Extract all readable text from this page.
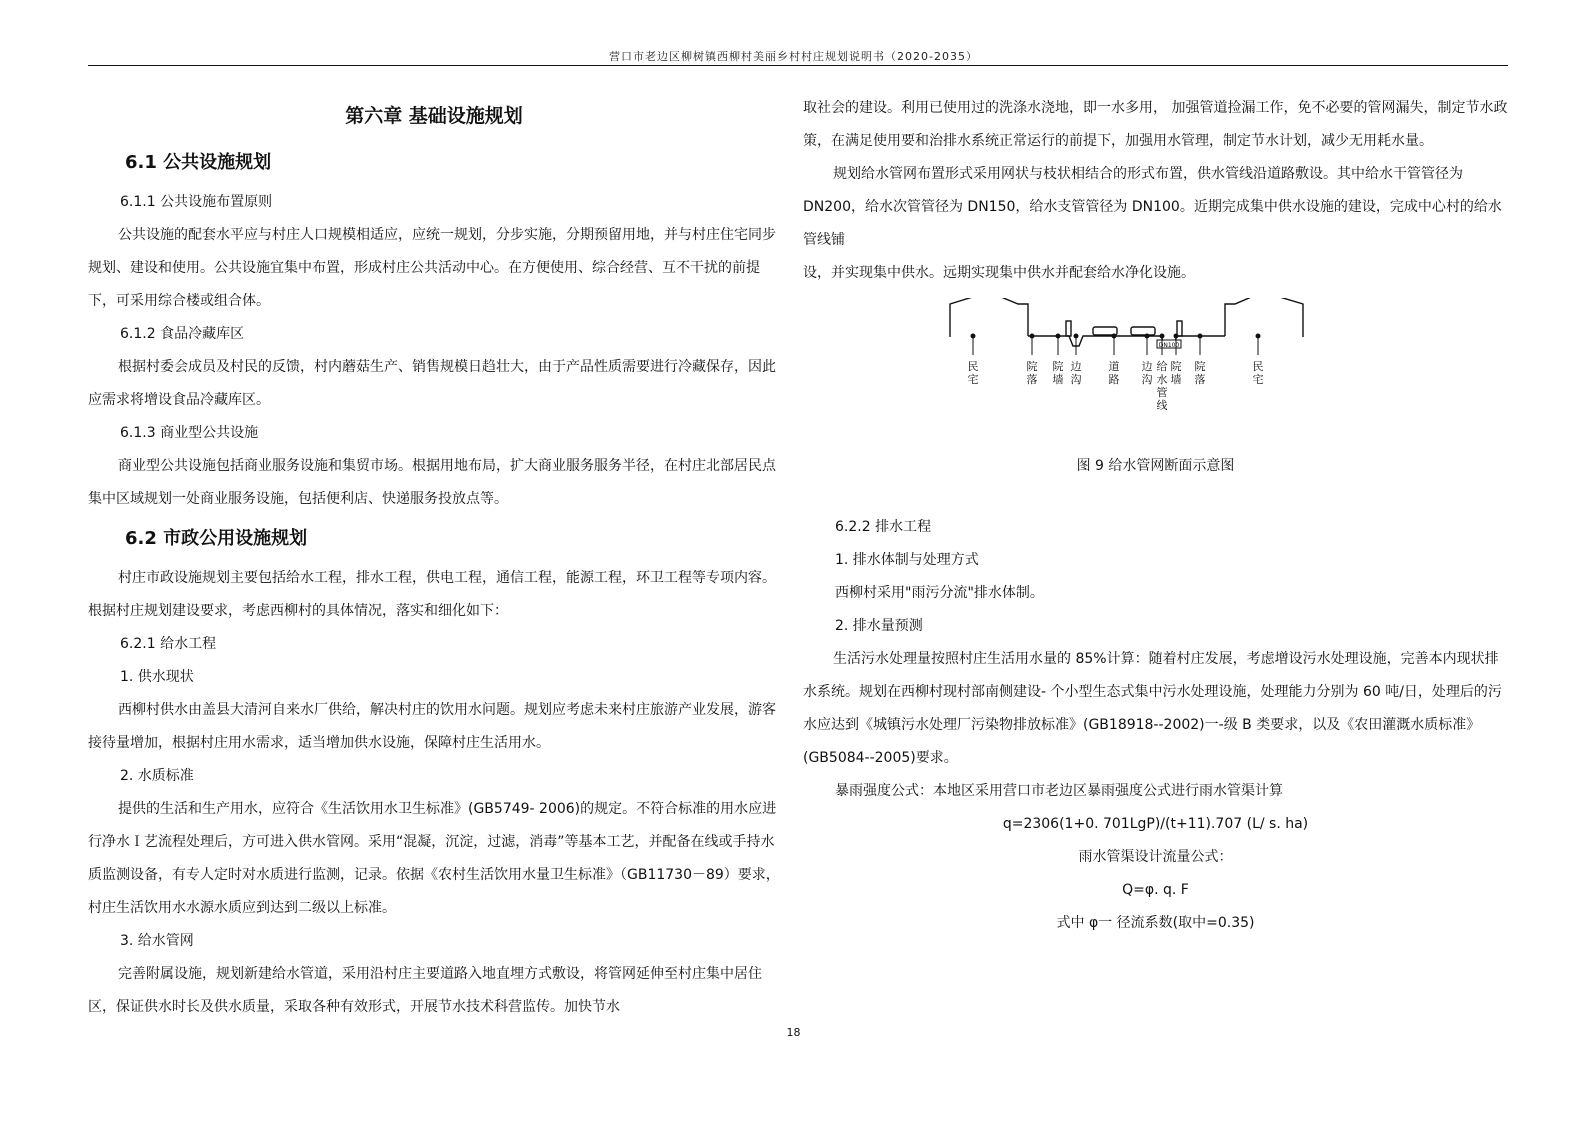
营口市老边区柳树镇西柳村美丽乡村村庄规划说明书（2020-2035）

第六章 基础设施规划

6.1 公共设施规划

6.1.1 公共设施布置原则

公共设施的配套水平应与村庄人口规模相适应，应统一规划，分步实施，分期预留用地，并与村庄住宅同步规划、建设和使用。公共设施宜集中布置，形成村庄公共活动中心。在方便使用、综合经营、互不干扰的前提下，可采用综合楼或组合体。

6.1.2 食品冷藏库区

根据村委会成员及村民的反馈，村内蘑菇生产、销售规模日趋壮大，由于产品性质需要进行冷藏保存，因此应需求将增设食品冷藏库区。

6.1.3 商业型公共设施

商业型公共设施包括商业服务设施和集贸市场。根据用地布局，扩大商业服务服务半径，在村庄北部居民点集中区域规划一处商业服务设施，包括便利店、快递服务投放点等。

6.2 市政公用设施规划

村庄市政设施规划主要包括给水工程，排水工程，供电工程，通信工程，能源工程，环卫工程等专项内容。根据村庄规划建设要求，考虑西柳村的具体情况，落实和细化如下：

6.2.1 给水工程

1. 供水现状

西柳村供水由盖县大清河自来水厂供给，解决村庄的饮用水问题。规划应考虑未来村庄旅游产业发展，游客接待量增加，根据村庄用水需求，适当增加供水设施，保障村庄生活用水。

2. 水质标准

提供的生活和生产用水，应符合《生活饮用水卫生标准》(GB5749- 2006)的规定。不符合标准的用水应进行净水Ｉ艺流程处理后，方可进入供水管网。采用“混凝，沉淀，过滤，消毒”等基本工艺，并配备在线或手持水质监测设备，有专人定时对水质进行监测，记录。依据《农村生活饮用水量卫生标准》（GB11730－89）要求，村庄生活饮用水水源水质应到达到二级以上标准。

3. 给水管网

完善附属设施，规划新建给水管道，采用沿村庄主要道路入地直埋方式敷设，将管网延伸至村庄集中居住区，保证供水时长及供水质量，采取各种有效形式，开展节水技术科营监传。加快节水

取社会的建设。利用已使用过的洗涤水浇地，即一水多用， 加强管道捡漏工作，免不必要的管网漏失，制定节水政策，在满足使用要和治排水系统正常运行的前提下，加强用水管理，制定节水计划，减少无用耗水量。

规划给水管网布置形式采用网状与枝状相结合的形式布置，供水管线沿道路敷设。其中给水干管管径为 DN200，给水次管管径为 DN150，给水支管管径为 DN100。近期完成集中供水设施的建设，完成中心村的给水管线铺

设，并实现集中供水。远期实现集中供水并配套给水净化设施。

DN100
民宅
院落
院墙
边沟
道路
边沟
给水管线
院墙
院落
民宅

图 9 给水管网断面示意图

6.2.2 排水工程

1. 排水体制与处理方式

西柳村采用"雨污分流"排水体制。

2. 排水量预测

生活污水处理量按照村庄生活用水量的 85%计算：随着村庄发展，考虑增设污水处理设施，完善本内现状排水系统。规划在西柳村现村部南侧建设- 个小型生态式集中污水处理设施，处理能力分别为 60 吨/日，处理后的污水应达到《城镇污水处理厂污染物排放标准》(GB18918--2002)一-级 B 类要求，以及《农田灌溉水质标准》(GB5084--2005)要求。

暴雨强度公式：本地区采用营口市老边区暴雨强度公式进行雨水管渠计算

q=2306(1+0. 701LgP)/(t+11).707 (L/ s. ha)

雨水管渠设计流量公式：

Q=φ. q. F

式中 φ一 径流系数(取中=0.35)

18
